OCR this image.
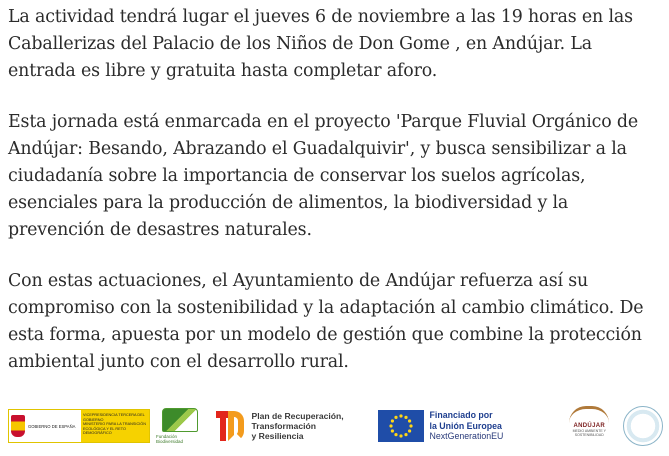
La actividad tendrá lugar el jueves 6 de noviembre a las 19 horas en las Caballerizas del Palacio de los Niños de Don Gome , en Andújar. La entrada es libre y gratuita hasta completar aforo.

Esta jornada está enmarcada en el proyecto 'Parque Fluvial Orgánico de Andújar: Besando, Abrazando el Guadalquivir', y busca sensibilizar a la ciudadanía sobre la importancia de conservar los suelos agrícolas, esenciales para la producción de alimentos, la biodiversidad y la prevención de desastres naturales.

Con estas actuaciones, el Ayuntamiento de Andújar refuerza así su compromiso con la sostenibilidad y la adaptación al cambio climático. De esta forma, apuesta por un modelo de gestión que combine la protección ambiental junto con el desarrollo rural.

GOBIERNO DE ESPAÑA
VICEPRESIDENCIA TERCERA DEL GOBIERNO
MINISTERIO PARA LA TRANSICIÓN ECOLÓGICA Y EL RETO DEMOGRÁFICO
Fundación Biodiversidad
Plan de Recuperación,
Transformación
y Resiliencia
Financiado por
la Unión Europea
NextGenerationEU
ANDÚJAR
MEDIO AMBIENTE Y SOSTENIBILIDAD
